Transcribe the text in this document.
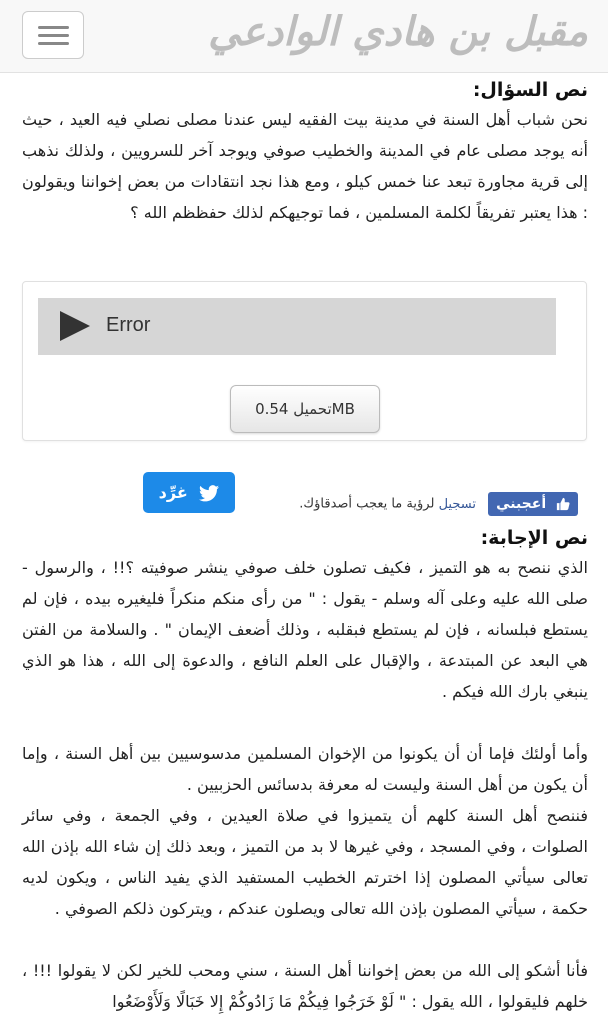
مقبل بن هادي الوادعي
نص السؤال:

نحن شباب أهل السنة في مدينة بيت الفقيه ليس عندنا مصلى نصلي فيه العيد ، حيث أنه يوجد مصلى عام في المدينة والخطيب صوفي ويوجد آخر للسرويين ، ولذلك نذهب إلى قرية مجاورة تبعد عنا خمس كيلو ، ومع هذا نجد انتقادات من بعض إخواننا ويقولون : هذا يعتبر تفريقاً لكلمة المسلمين ، فما توجيهكم لذلك حفظظم الله ؟

Error
تحميل 0.54MB
غرِّد
أعجبني تسجيل لرؤية ما يعجب أصدقاؤك.
نص الإجابة:

الذي ننصح به هو التميز ، فكيف تصلون خلف صوفي ينشر صوفيته ؟!! ، والرسول - صلى الله عليه وعلى آله وسلم - يقول : " من رأى منكم منكراً فليغيره بيده ، فإن لم يستطع فبلسانه ، فإن لم يستطع فبقلبه ، وذلك أضعف الإيمان " . والسلامة من الفتن هي البعد عن المبتدعة ، والإقبال على العلم النافع ، والدعوة إلى الله ، هذا هو الذي ينبغي بارك الله فيكم .

وأما أولئك فإما أن أن يكونوا من الإخوان المسلمين مدسوسيين بين أهل السنة ، وإما أن يكون من أهل السنة وليست له معرفة بدسائس الحزبيين .

فننصح أهل السنة كلهم أن يتميزوا في صلاة العيدين ، وفي الجمعة ، وفي سائر الصلوات ، وفي المسجد ، وفي غيرها لا بد من التميز ، وبعد ذلك إن شاء الله بإذن الله تعالى سيأتي المصلون إذا اخترتم الخطيب المستفيد الذي يفيد الناس ، ويكون لديه حكمة ، سيأتي المصلون بإذن الله تعالى ويصلون عندكم ، ويتركون ذلكم الصوفي .

فأنا أشكو إلى الله من بعض إخواننا أهل السنة ، سني ومحب للخير لكن لا يقولوا !!! ، خلهم فليقولوا ، الله يقول : " لَوْ خَرَجُوا فِيكُمْ مَا زَادُوكُمْ إِلا خَبَالًا وَلَأَوْضَعُوا
